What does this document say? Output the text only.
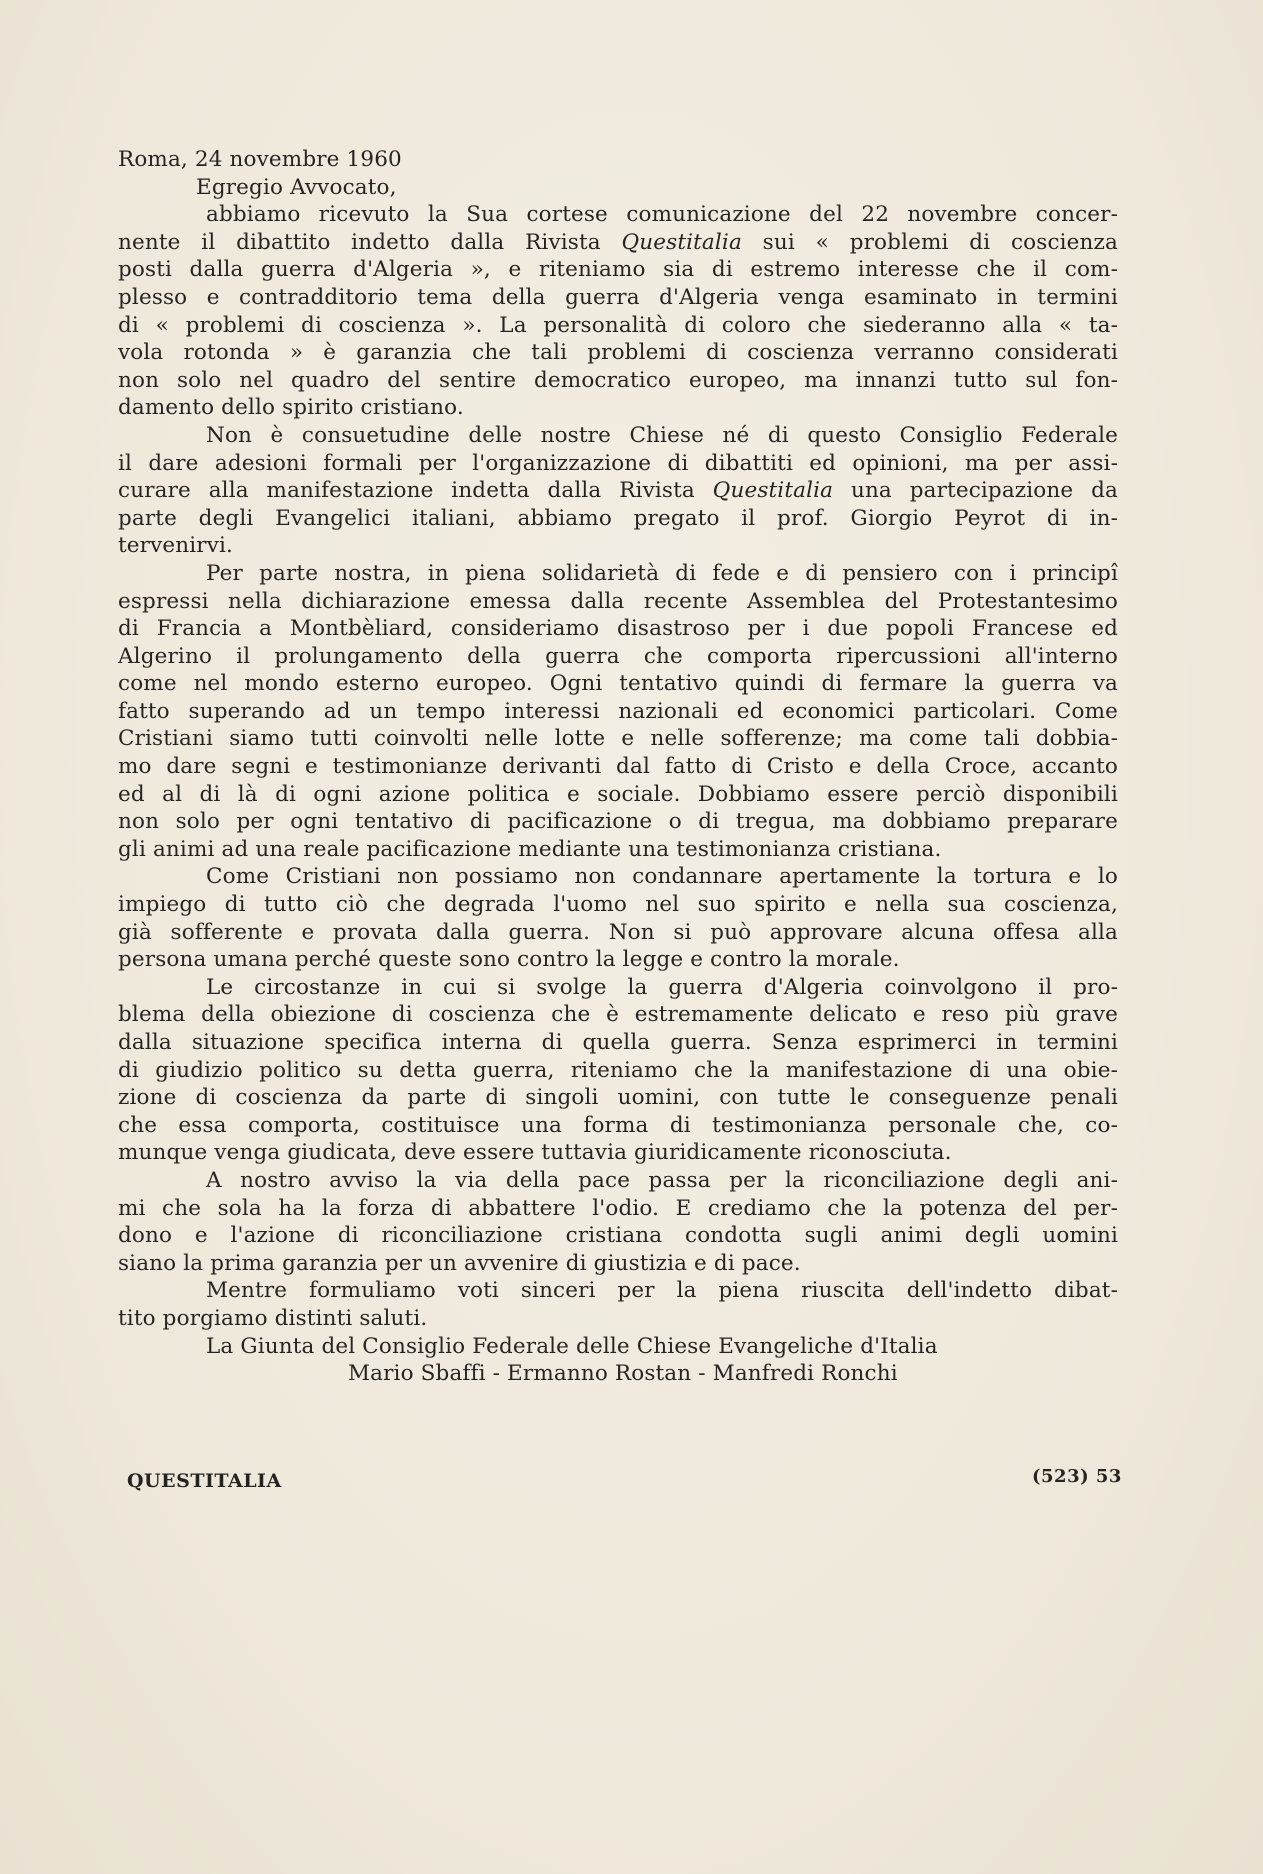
Roma, 24 novembre 1960
Egregio Avvocato,
abbiamo ricevuto la Sua cortese comunicazione del 22 novembre concer-
nente il dibattito indetto dalla Rivista Questitalia sui « problemi di coscienza
posti dalla guerra d'Algeria », e riteniamo sia di estremo interesse che il com-
plesso e contradditorio tema della guerra d'Algeria venga esaminato in termini
di « problemi di coscienza ». La personalità di coloro che siederanno alla « ta-
vola rotonda » è garanzia che tali problemi di coscienza verranno considerati
non solo nel quadro del sentire democratico europeo, ma innanzi tutto sul fon-
damento dello spirito cristiano.
Non è consuetudine delle nostre Chiese né di questo Consiglio Federale
il dare adesioni formali per l'organizzazione di dibattiti ed opinioni, ma per assi-
curare alla manifestazione indetta dalla Rivista Questitalia una partecipazione da
parte degli Evangelici italiani, abbiamo pregato il prof. Giorgio Peyrot di in-
tervenirvi.
Per parte nostra, in piena solidarietà di fede e di pensiero con i principî
espressi nella dichiarazione emessa dalla recente Assemblea del Protestantesimo
di Francia a Montbèliard, consideriamo disastroso per i due popoli Francese ed
Algerino il prolungamento della guerra che comporta ripercussioni all'interno
come nel mondo esterno europeo. Ogni tentativo quindi di fermare la guerra va
fatto superando ad un tempo interessi nazionali ed economici particolari. Come
Cristiani siamo tutti coinvolti nelle lotte e nelle sofferenze; ma come tali dobbia-
mo dare segni e testimonianze derivanti dal fatto di Cristo e della Croce, accanto
ed al di là di ogni azione politica e sociale. Dobbiamo essere perciò disponibili
non solo per ogni tentativo di pacificazione o di tregua, ma dobbiamo preparare
gli animi ad una reale pacificazione mediante una testimonianza cristiana.
Come Cristiani non possiamo non condannare apertamente la tortura e lo
impiego di tutto ciò che degrada l'uomo nel suo spirito e nella sua coscienza,
già sofferente e provata dalla guerra. Non si può approvare alcuna offesa alla
persona umana perché queste sono contro la legge e contro la morale.
Le circostanze in cui si svolge la guerra d'Algeria coinvolgono il pro-
blema della obiezione di coscienza che è estremamente delicato e reso più grave
dalla situazione specifica interna di quella guerra. Senza esprimerci in termini
di giudizio politico su detta guerra, riteniamo che la manifestazione di una obie-
zione di coscienza da parte di singoli uomini, con tutte le conseguenze penali
che essa comporta, costituisce una forma di testimonianza personale che, co-
munque venga giudicata, deve essere tuttavia giuridicamente riconosciuta.
A nostro avviso la via della pace passa per la riconciliazione degli ani-
mi che sola ha la forza di abbattere l'odio. E crediamo che la potenza del per-
dono e l'azione di riconciliazione cristiana condotta sugli animi degli uomini
siano la prima garanzia per un avvenire di giustizia e di pace.
Mentre formuliamo voti sinceri per la piena riuscita dell'indetto dibat-
tito porgiamo distinti saluti.
La Giunta del Consiglio Federale delle Chiese Evangeliche d'Italia
Mario Sbaffi - Ermanno Rostan - Manfredi Ronchi
QUESTITALIA	(523) 53
